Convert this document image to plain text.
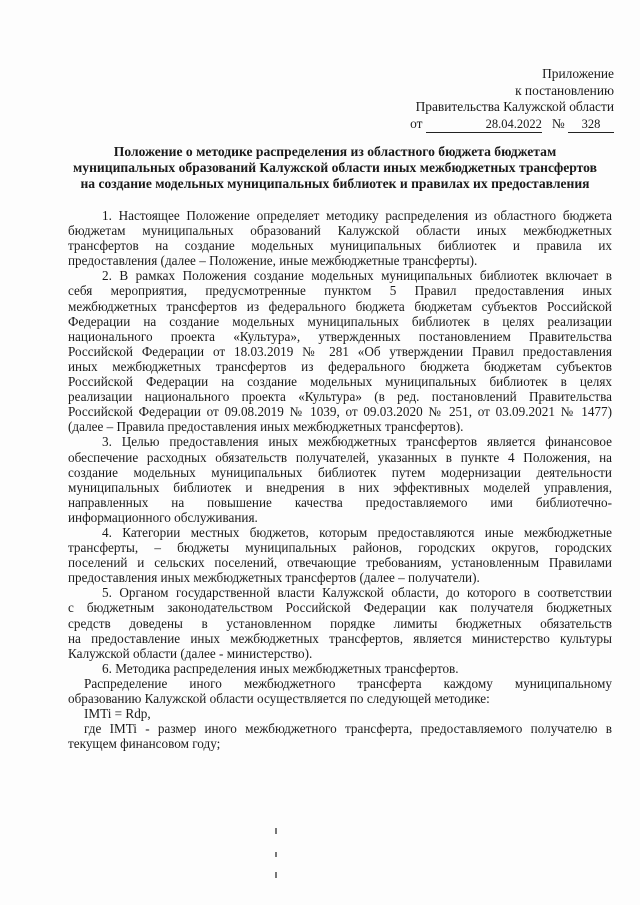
Приложение
к постановлению
Правительства Калужской области
от	28.04.2022 № 328
Положение о методике распределения из областного бюджета бюджетам
муниципальных образований Калужской области иных межбюджетных трансфертов
на создание модельных муниципальных библиотек и правилах их предоставления
1. Настоящее Положение определяет методику распределения из областного бюджета
бюджетам муниципальных образований Калужской области иных межбюджетных
трансфертов на создание модельных муниципальных библиотек и правила их
предоставления (далее – Положение, иные межбюджетные трансферты).
2. В рамках Положения создание модельных муниципальных библиотек включает в
себя мероприятия, предусмотренные пунктом 5 Правил предоставления иных
межбюджетных трансфертов из федерального бюджета бюджетам субъектов Российской
Федерации на создание модельных муниципальных библиотек в целях реализации
национального проекта «Культура», утвержденных постановлением Правительства
Российской Федерации от 18.03.2019 № 281 «Об утверждении Правил предоставления
иных межбюджетных трансфертов из федерального бюджета бюджетам субъектов
Российской Федерации на создание модельных муниципальных библиотек в целях
реализации национального проекта «Культура» (в ред. постановлений Правительства
Российской Федерации от 09.08.2019 № 1039, от 09.03.2020 № 251, от 03.09.2021 № 1477)
(далее – Правила предоставления иных межбюджетных трансфертов).
3. Целью предоставления иных межбюджетных трансфертов является финансовое
обеспечение расходных обязательств получателей, указанных в пункте 4 Положения, на
создание модельных муниципальных библиотек путем модернизации деятельности
муниципальных библиотек и внедрения в них эффективных моделей управления,
направленных на повышение качества предоставляемого ими библиотечно-
информационного обслуживания.
4. Категории местных бюджетов, которым предоставляются иные межбюджетные
трансферты, – бюджеты муниципальных районов, городских округов, городских
поселений и сельских поселений, отвечающие требованиям, установленным Правилами
предоставления иных межбюджетных трансфертов (далее – получатели).
5. Органом государственной власти Калужской области, до которого в соответствии
с бюджетным законодательством Российской Федерации как получателя бюджетных
средств доведены в установленном порядке лимиты бюджетных обязательств
на предоставление иных межбюджетных трансфертов, является министерство культуры
Калужской области (далее - министерство).
6. Методика распределения иных межбюджетных трансфертов.
Распределение иного межбюджетного трансферта каждому муниципальному
образованию Калужской области осуществляется по следующей методике:
IMTi = Rdp,
где IMTi - размер иного межбюджетного трансферта, предоставляемого получателю в
текущем финансовом году;
